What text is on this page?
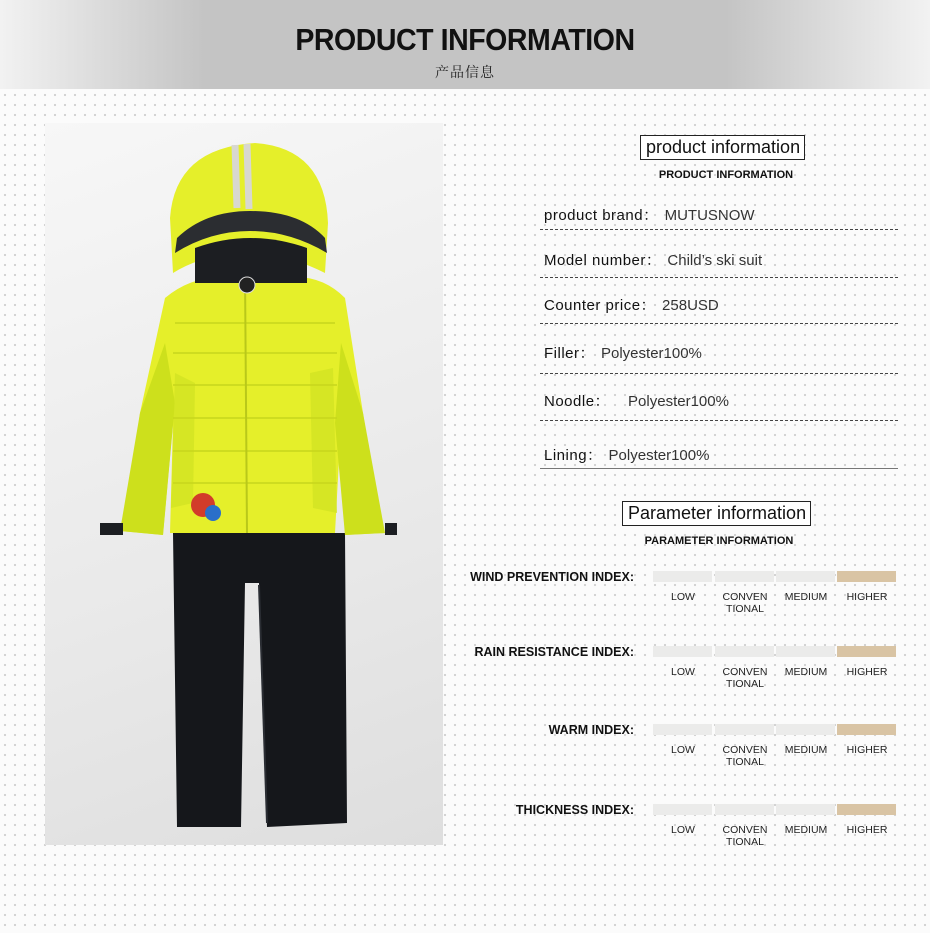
PRODUCT INFORMATION
产品信息
product information
PRODUCT INFORMATION
product brand： MUTUSNOW
Model number： Child’s ski suit
Counter price： 258USD
Filler： Polyester100%
Noodle： Polyester100%
Lining： Polyester100%
Parameter information
PARAMETER INFORMATION
WIND PREVENTION INDEX:
LOW	CONVEN
TIONAL
MEDIUM	HIGHER
RAIN RESISTANCE INDEX:
LOW	CONVEN
TIONAL
MEDIUM	HIGHER
WARM INDEX:
LOW	CONVEN
TIONAL
MEDIUM	HIGHER
THICKNESS INDEX:
LOW	CONVEN
TIONAL
MEDIUM	HIGHER
